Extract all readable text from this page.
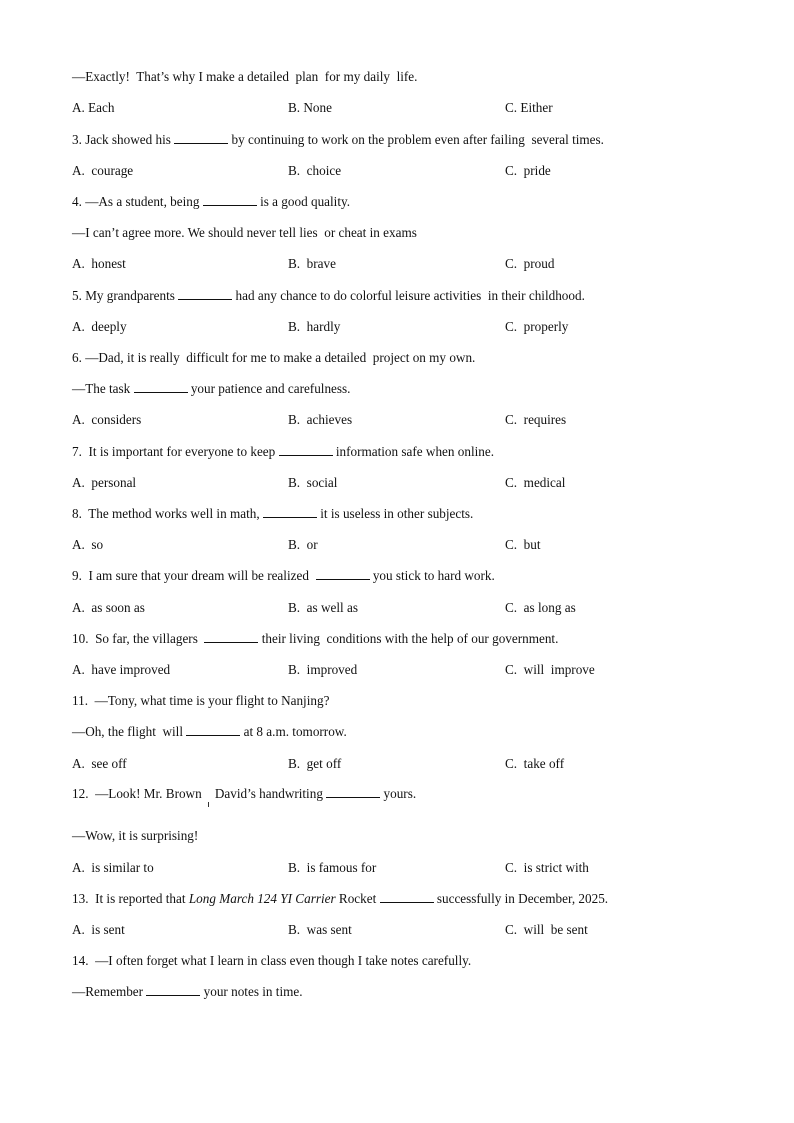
—Exactly!  That’s why I make a detailed  plan  for my daily  life.
A. Each	B. None	C. Either
3. Jack showed his	by continuing to work on the problem even after failing  several times.
A.  courage	B.  choice	C.  pride
4. —As a student, being	is a good quality.
—I can’t agree more. We should never tell lies  or cheat in exams
A.  honest	B.  brave	C.  proud
5. My grandparents	had any chance to do colorful leisure activities  in their childhood.
A.  deeply	B.  hardly	C.  properly
6. —Dad, it is really  difficult for me to make a detailed  project on my own.
—The task	your patience and carefulness.
A.  considers	B.  achieves	C.  requires
7.  It is important for everyone to keep	information safe when online.
A.  personal	B.  social	C.  medical
8.  The method works well in math,	it is useless in other subjects.
A.  so	B.  or	C.  but
9.  I am sure that your dream will be realized	you stick to hard work.
A.  as soon as	B.  as well as	C.  as long as
10.  So far, the villagers	their living  conditions with the help of our government.
A.  have improved	B.  improved	C.  will  improve
11.  —Tony, what time is your flight to Nanjing?
—Oh, the flight  will	at 8 a.m. tomorrow.
A.  see off	B.  get off	C.  take off
12.  —Look! Mr. Brown    David’s handwriting	yours.
—Wow, it is surprising!
A.  is similar to	B.  is famous for	C.  is strict with
13.  It is reported that Long March 124 YI Carrier Rocket	successfully in December, 2025.
A.  is sent	B.  was sent	C.  will  be sent
14.  —I often forget what I learn in class even though I take notes carefully.
—Remember	your notes in time.
